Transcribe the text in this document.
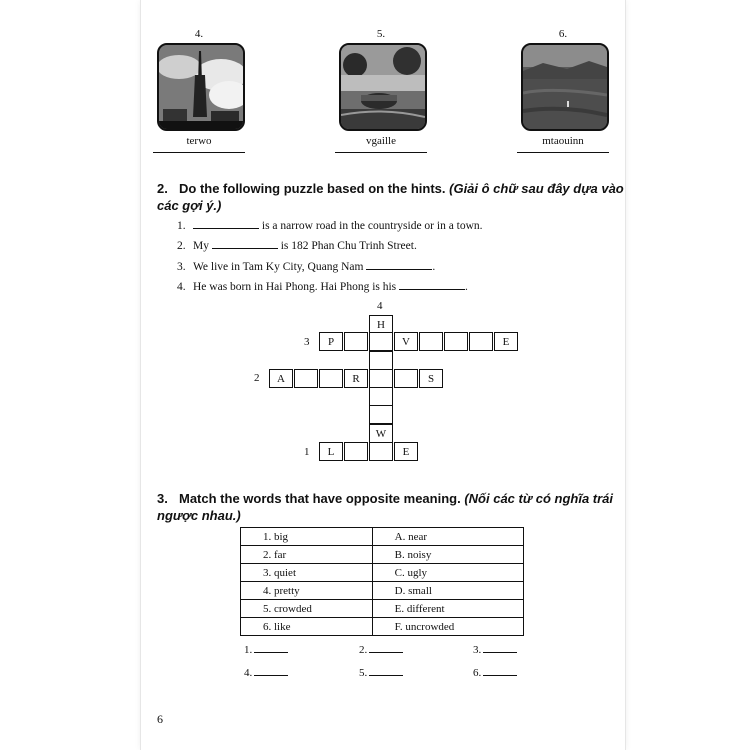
4.
terwo
5.
vgaille
6.
mtaouinn
2. Do the following puzzle based on the hints. (Giải ô chữ sau đây dựa vào các gợi ý.)
1.	is a narrow road in the countryside or in a town.
2. My	is 182 Phan Chu Trinh Street.
3. We live in Tam Ky City, Quang Nam	.
4. He was born in Hai Phong. Hai Phong is his	.
4
3
2
1
H
W
P	V	E
A	R	S
L	E
3. Match the words that have opposite meaning. (Nối các từ có nghĩa trái ngược nhau.)
1. big	A. near
2. far	B. noisy
3. quiet	C. ugly
4. pretty	D. small
5. crowded	E. different
6. like	F. uncrowded
1.	2.	3.
4.	5.	6.
6
